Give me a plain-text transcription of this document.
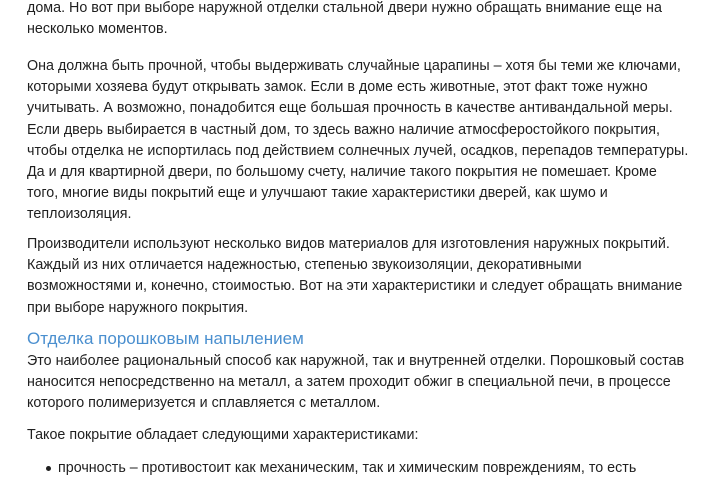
дома. Но вот при выборе наружной отделки стальной двери нужно обращать внимание еще на
несколько моментов.

Она должна быть прочной, чтобы выдерживать случайные царапины – хотя бы теми же ключами,
которыми хозяева будут открывать замок. Если в доме есть животные, этот факт тоже нужно
учитывать. А возможно, понадобится еще большая прочность в качестве антивандальной меры.
Если дверь выбирается в частный дом, то здесь важно наличие атмосферостойкого покрытия,
чтобы отделка не испортилась под действием солнечных лучей, осадков, перепадов температуры.
Да и для квартирной двери, по большому счету, наличие такого покрытия не помешает. Кроме
того, многие виды покрытий еще и улучшают такие характеристики дверей, как шумо и
теплоизоляция.

Производители используют несколько видов материалов для изготовления наружных покрытий.
Каждый из них отличается надежностью, степенью звукоизоляции, декоративными
возможностями и, конечно, стоимостью. Вот на эти характеристики и следует обращать внимание
при выборе наружного покрытия.

Отделка порошковым напылением

Это наиболее рациональный способ как наружной, так и внутренней отделки. Порошковый состав
наносится непосредственно на металл, а затем проходит обжиг в специальной печи, в процессе
которого полимеризуется и сплавляется с металлом.

Такое покрытие обладает следующими характеристиками:

прочность – противостоит как механическим, так и химическим повреждениям, то есть
